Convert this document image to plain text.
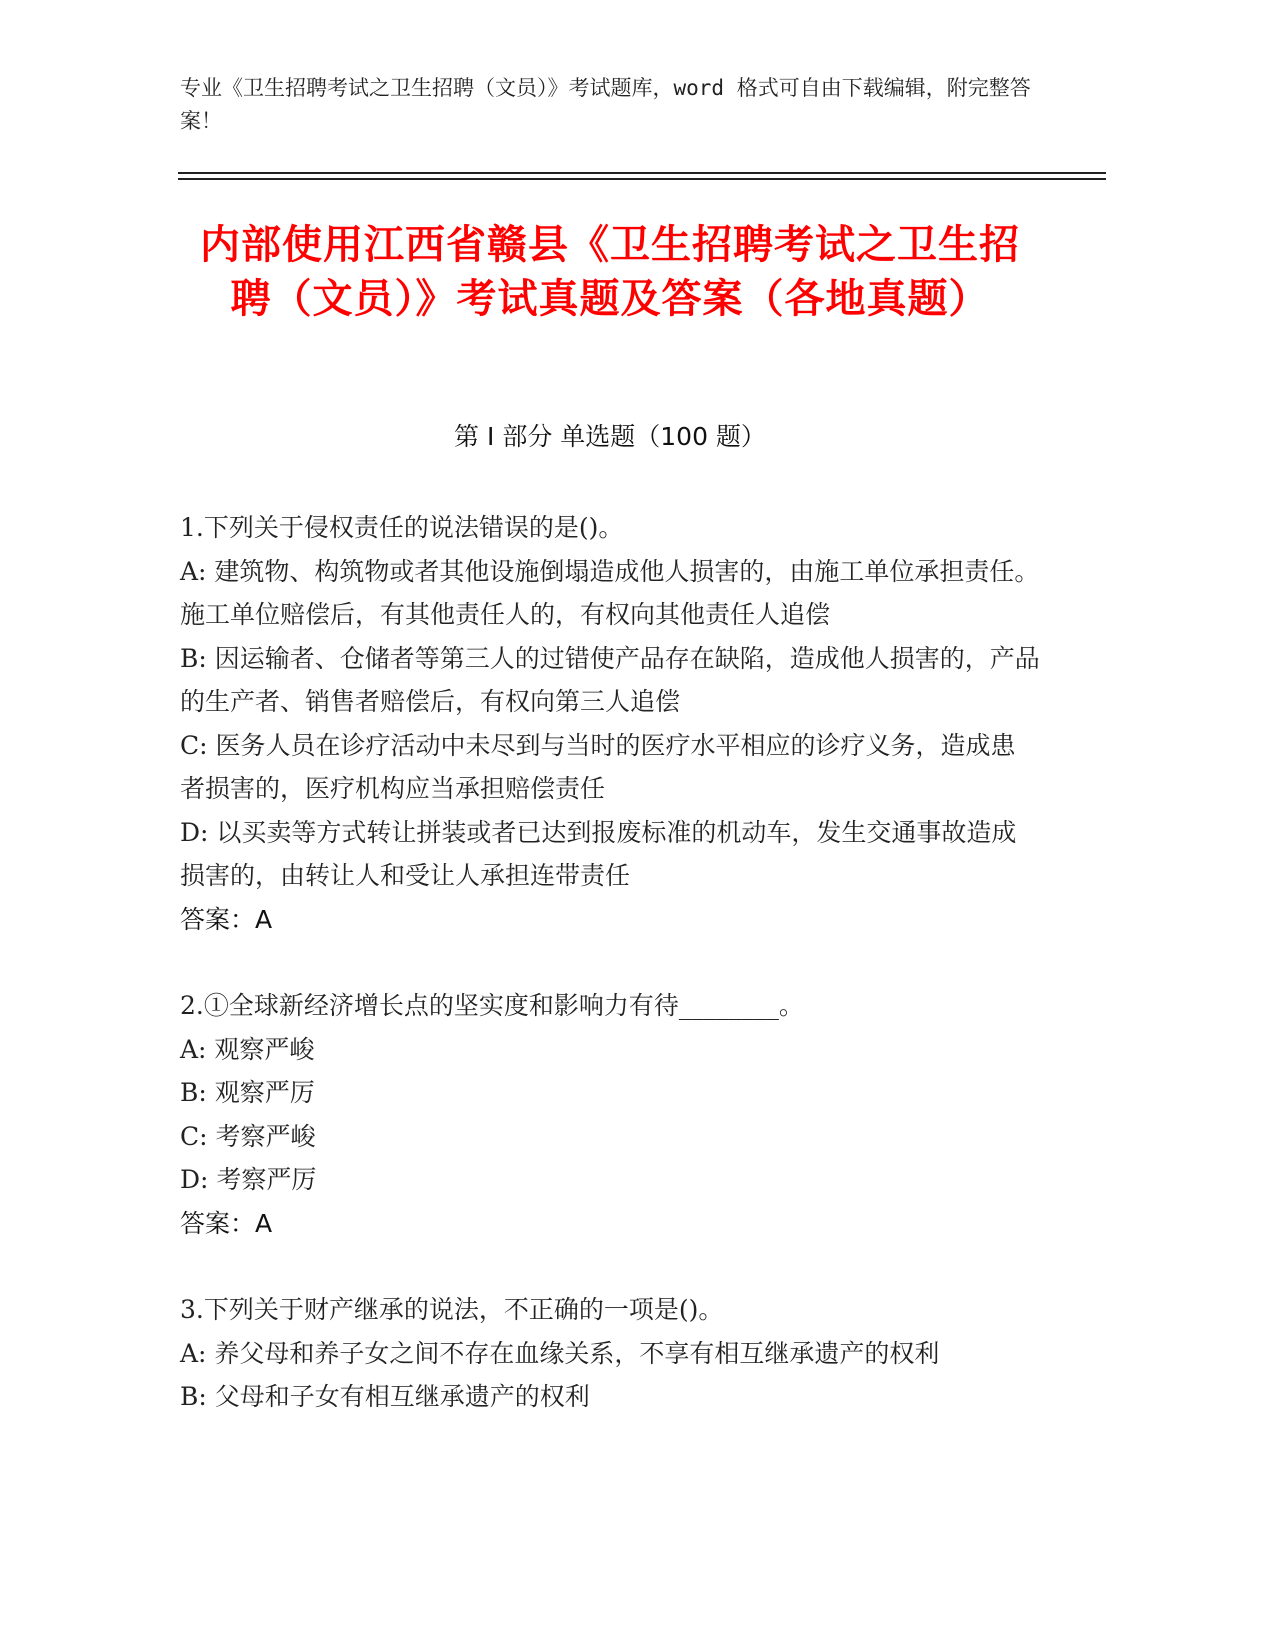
专业《卫生招聘考试之卫生招聘（文员）》考试题库，word 格式可自由下载编辑，附完整答案！
内部使用江西省赣县《卫生招聘考试之卫生招聘（文员）》考试真题及答案（各地真题）
第 I 部分 单选题（100 题）
1.下列关于侵权责任的说法错误的是()。
A: 建筑物、构筑物或者其他设施倒塌造成他人损害的，由施工单位承担责任。施工单位赔偿后，有其他责任人的，有权向其他责任人追偿
B: 因运输者、仓储者等第三人的过错使产品存在缺陷，造成他人损害的，产品的生产者、销售者赔偿后，有权向第三人追偿
C: 医务人员在诊疗活动中未尽到与当时的医疗水平相应的诊疗义务，造成患者损害的，医疗机构应当承担赔偿责任
D: 以买卖等方式转让拼装或者已达到报废标准的机动车，发生交通事故造成损害的，由转让人和受让人承担连带责任
答案：A
2.①全球新经济增长点的坚实度和影响力有待________。
A: 观察严峻
B: 观察严厉
C: 考察严峻
D: 考察严厉
答案：A
3.下列关于财产继承的说法，不正确的一项是()。
A: 养父母和养子女之间不存在血缘关系，不享有相互继承遗产的权利
B: 父母和子女有相互继承遗产的权利
